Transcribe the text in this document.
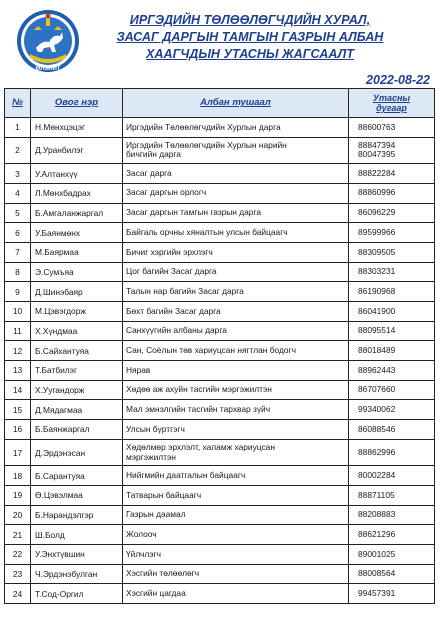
ӨЛЗИЙТ
ИРГЭДИЙН ТӨЛӨӨЛӨГЧДИЙН ХУРАЛ,
ЗАСАГ ДАРГЫН ТАМГЫН ГАЗРЫН АЛБАН
ХААГЧДЫН УТАСНЫ ЖАГСААЛТ
2022-08-22
№	Овог нэр	Албан тушаал	Утасны дугаар

1	Н.Мөнхцэцэг	Иргэдийн Төлөөлөгчдийн Хурлын дарга	88600763

2	Д.Уранбилэг	Иргэдийн Төлөөлөгчдийн Хурлын нарийн
бичгийн дарга	88847394
80047395

3	У.Алтанхүү	Засаг дарга	88822284

4	Л.Мөнхбадрах	Засаг даргын орлогч	88860996

5	Б.Амгаланжаргал	Засаг даргын тамгын газрын дарга	86096229

6	У.Баянмөнх	Байгаль орчны хяналтын улсын байцаагч	89599966

7	М.Баярмаа	Бичиг хэргийн эрхлэгч	88309505

8	Э.Сумъяа	Цог багийн Засаг дарга	88303231

9	Д.Шинэбаяр	Талын нар багийн Засаг дарга	86190968

10	М.Цэвэгдорж	Бөхт багийн Засаг дарга	86041900

11	Х.Хүндмаа	Санхүүгийн албаны дарга	88095514

12	Б.Сайхантуяа	Сан, Соёлын төв хариуцсан нягтлан бодогч	88018489

13	Т.Батбилэг	Нярав	88962443

14	Х.Уугандорж	Хөдөө аж ахуйн тасгийн мэргэжилтэн	86707660

15	Д.Мядагмаа	Мал эмнэлгийн тасгийн тархвар зүйч	99340062

16	Б.Баянжаргал	Улсын бүртгэгч	86088546

17	Д.Эрдэнэсан	Хөдөлмөр эрхлэлт, халамж хариуцсан
мэргэжилтэн	88862996

18	Б.Сарантуяа	Нийгмийн даатгалын байцаагч	80002284

19	Ө.Цэвэлмаа	Татварын байцаагч	88871105

20	Б.Нарандэлгэр	Газрын даамал	88208883

21	Ш.Болд	Жолооч	88621296

22	У.Энхтүвшин	Үйлчлэгч	89001025

23	Ч.Эрдэнэбулган	Хэсгийн төлөөлөгч	88008564

24	Т.Сод-Оргил	Хэсгийн цагдаа	99457391
